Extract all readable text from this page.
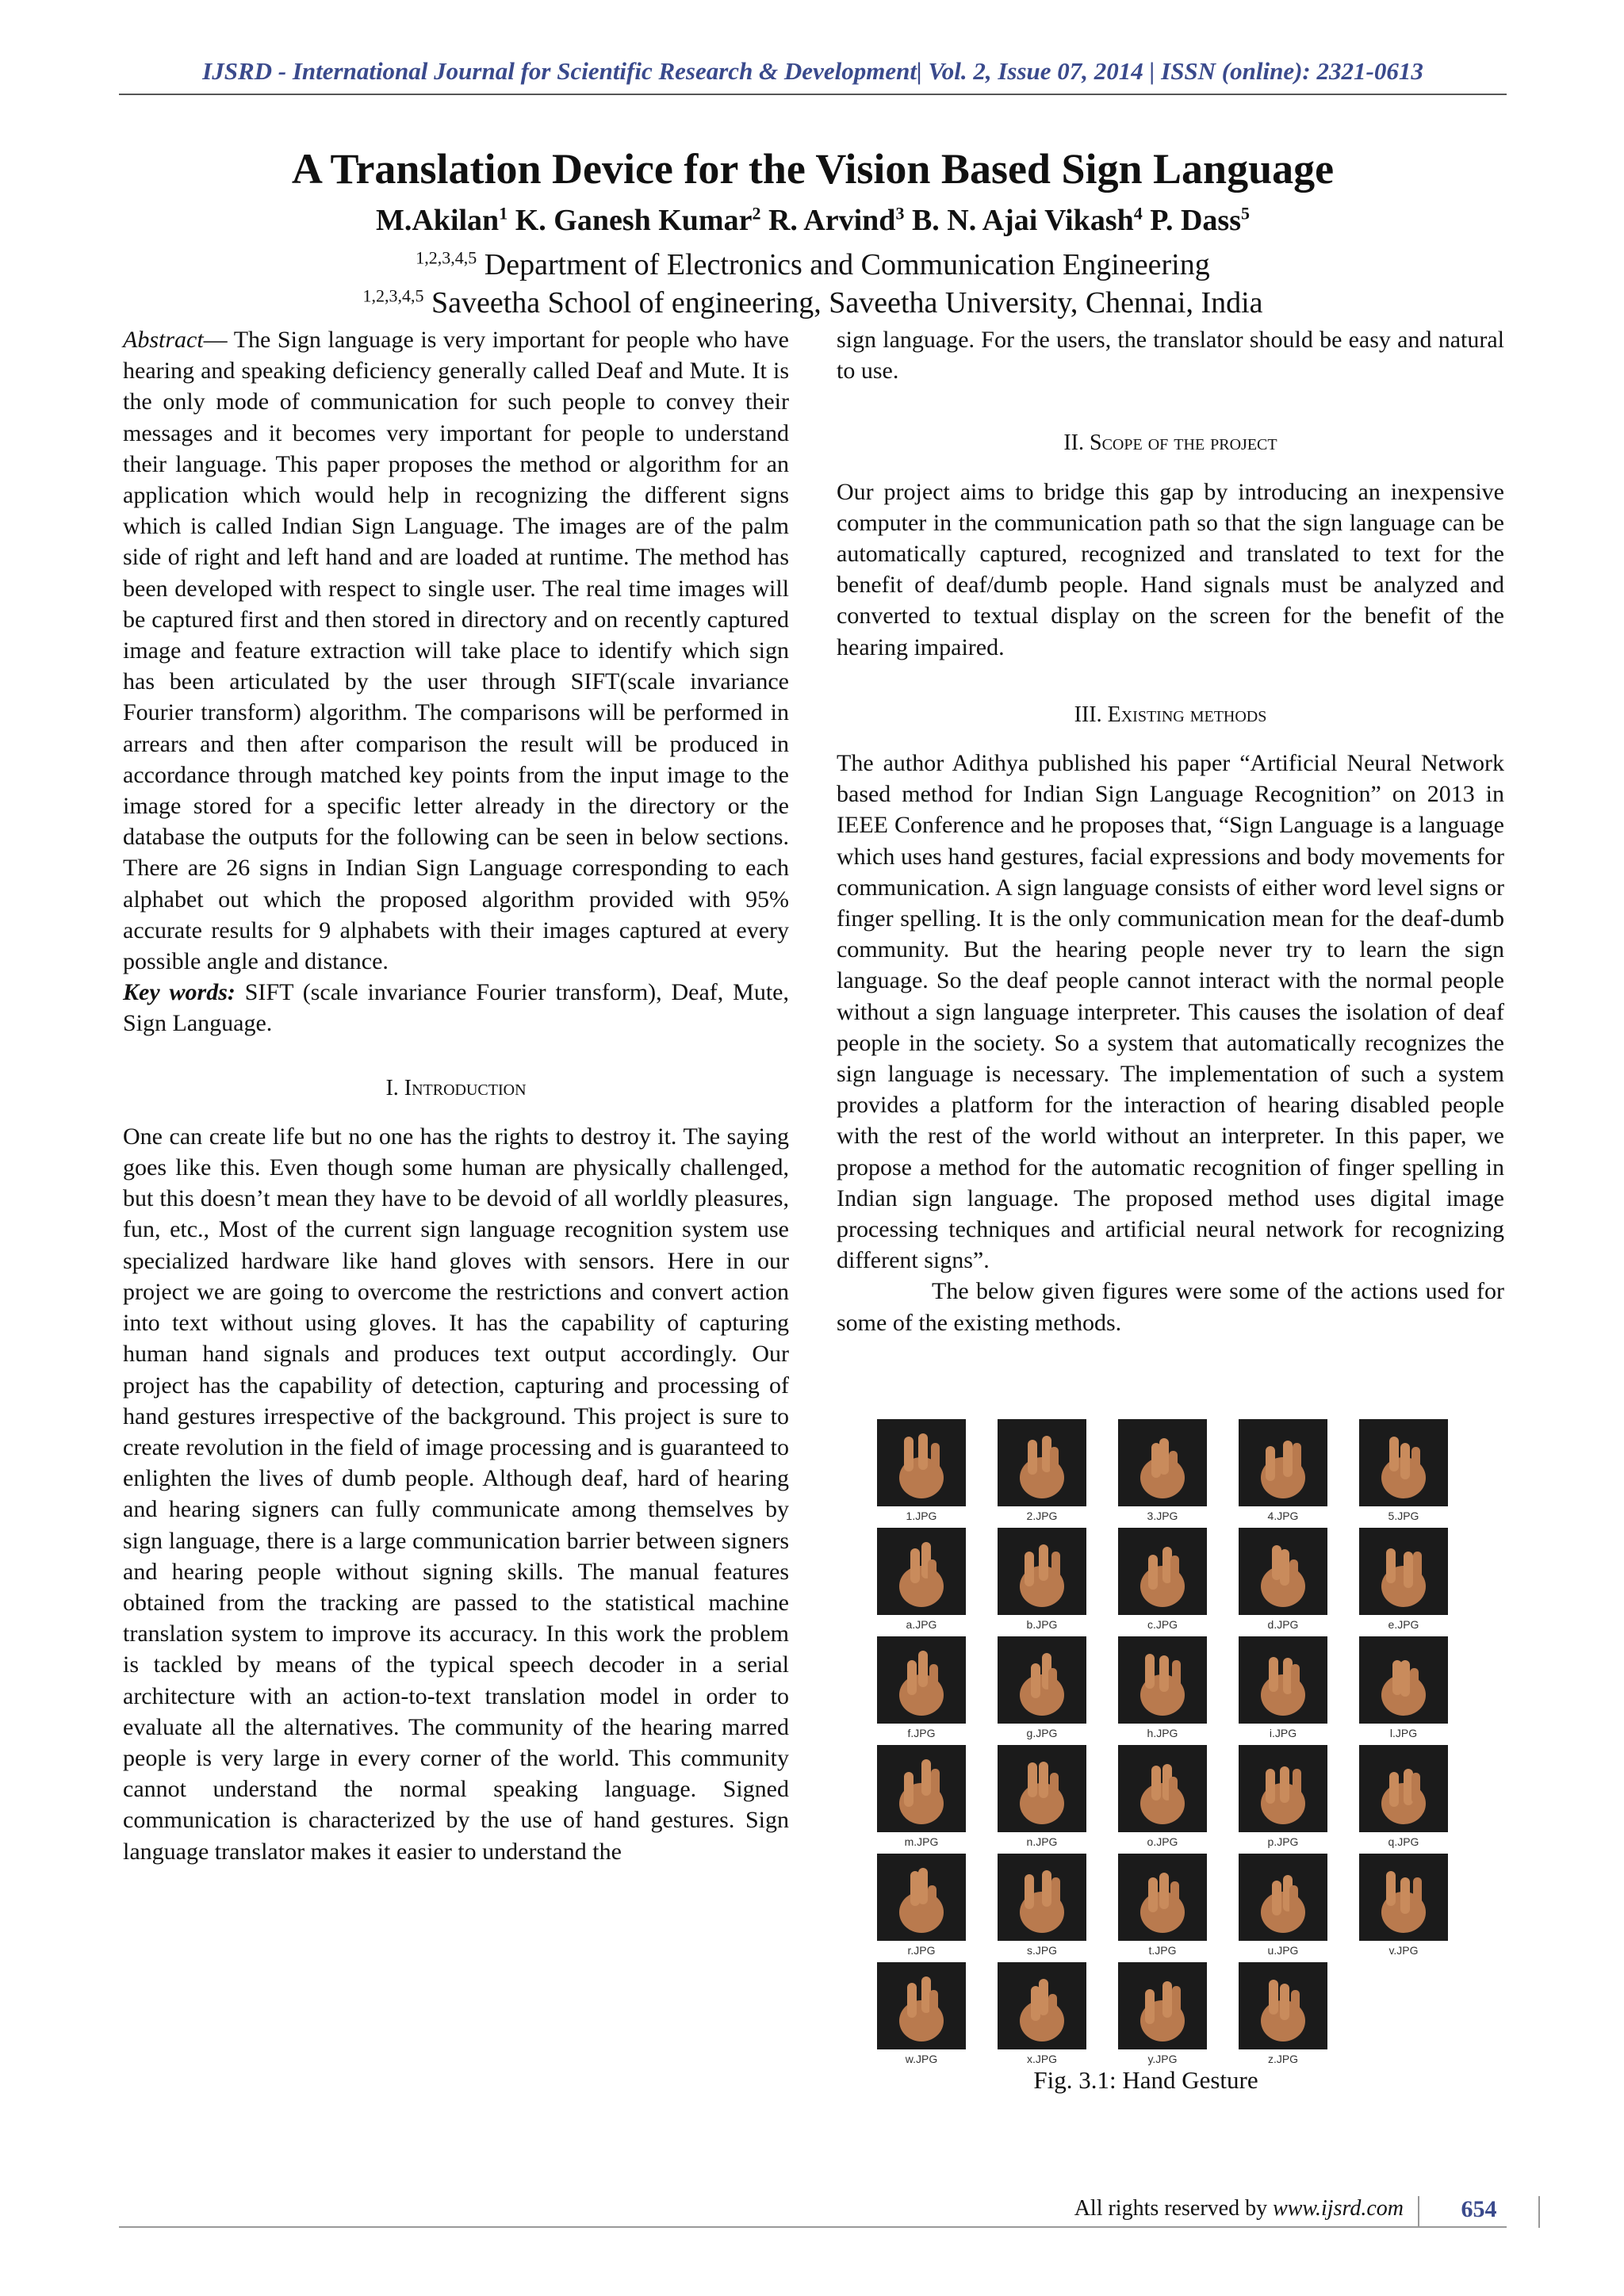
IJSRD - International Journal for Scientific Research & Development| Vol. 2, Issue 07, 2014 | ISSN (online): 2321-0613
A Translation Device for the Vision Based Sign Language
M.Akilan$^1$ K. Ganesh Kumar$^2$ R. Arvind$^3$ B. N. Ajai Vikash$^4$ P. Dass$^5$
$^{1,2,3,4,5}$ Department of Electronics and Communication Engineering
$^{1,2,3,4,5}$ Saveetha School of engineering, Saveetha University, Chennai, India

Abstract— The Sign language is very important for people who have hearing and speaking deficiency generally called Deaf and Mute. It is the only mode of communication for such people to convey their messages and it becomes very important for people to understand their language. This paper proposes the method or algorithm for an application which would help in recognizing the different signs which is called Indian Sign Language. The images are of the palm side of right and left hand and are loaded at runtime. The method has been developed with respect to single user. The real time images will be captured first and then stored in directory and on recently captured image and feature extraction will take place to identify which sign has been articulated by the user through SIFT(scale invariance Fourier transform) algorithm. The comparisons will be performed in arrears and then after comparison the result will be produced in accordance through matched key points from the input image to the image stored for a specific letter already in the directory or the database the outputs for the following can be seen in below sections. There are 26 signs in Indian Sign Language corresponding to each alphabet out which the proposed algorithm provided with 95% accurate results for 9 alphabets with their images captured at every possible angle and distance.

Key words: SIFT (scale invariance Fourier transform), Deaf, Mute, Sign Language.

I. Introduction

One can create life but no one has the rights to destroy it. The saying goes like this. Even though some human are physically challenged, but this doesn’t mean they have to be devoid of all worldly pleasures, fun, etc., Most of the current sign language recognition system use specialized hardware like hand gloves with sensors. Here in our project we are going to overcome the restrictions and convert action into text without using gloves. It has the capability of capturing human hand signals and produces text output accordingly. Our project has the capability of detection, capturing and processing of hand gestures irrespective of the background. This project is sure to create revolution in the field of image processing and is guaranteed to enlighten the lives of dumb people. Although deaf, hard of hearing and hearing signers can fully communicate among themselves by sign language, there is a large communication barrier between signers and hearing people without signing skills. The manual features obtained from the tracking are passed to the statistical machine translation system to improve its accuracy. In this work the problem is tackled by means of the typical speech decoder in a serial architecture with an action-to-text translation model in order to evaluate all the alternatives. The community of the hearing marred people is very large in every corner of the world. This community cannot understand the normal speaking language. Signed communication is characterized by the use of hand gestures. Sign language translator makes it easier to understand the

sign language. For the users, the translator should be easy and natural to use.

II. Scope of the project

Our project aims to bridge this gap by introducing an inexpensive computer in the communication path so that the sign language can be automatically captured, recognized and translated to text for the benefit of deaf/dumb people. Hand signals must be analyzed and converted to textual display on the screen for the benefit of the hearing impaired.

III. Existing methods

The author Adithya published his paper “Artificial Neural Network based method for Indian Sign Language Recognition” on 2013 in IEEE Conference and he proposes that, “Sign Language is a language which uses hand gestures, facial expressions and body movements for communication. A sign language consists of either word level signs or finger spelling. It is the only communication mean for the deaf-dumb community. But the hearing people never try to learn the sign language. So the deaf people cannot interact with the normal people without a sign language interpreter. This causes the isolation of deaf people in the society. So a system that automatically recognizes the sign language is necessary. The implementation of such a system provides a platform for the interaction of hearing disabled people with the rest of the world without an interpreter. In this paper, we propose a method for the automatic recognition of finger spelling in Indian sign language. The proposed method uses digital image processing techniques and artificial neural network for recognizing different signs”.

The below given figures were some of the actions used for some of the existing methods.

1.JPG	2.JPG	3.JPG	4.JPG	5.JPG
a.JPG	b.JPG	c.JPG	d.JPG	e.JPG
f.JPG	g.JPG	h.JPG	i.JPG	l.JPG
m.JPG	n.JPG	o.JPG	p.JPG	q.JPG
r.JPG	s.JPG	t.JPG	u.JPG	v.JPG
w.JPG	x.JPG	y.JPG	z.JPG
Fig. 3.1: Hand Gesture
All rights reserved by www.ijsrd.com	654
